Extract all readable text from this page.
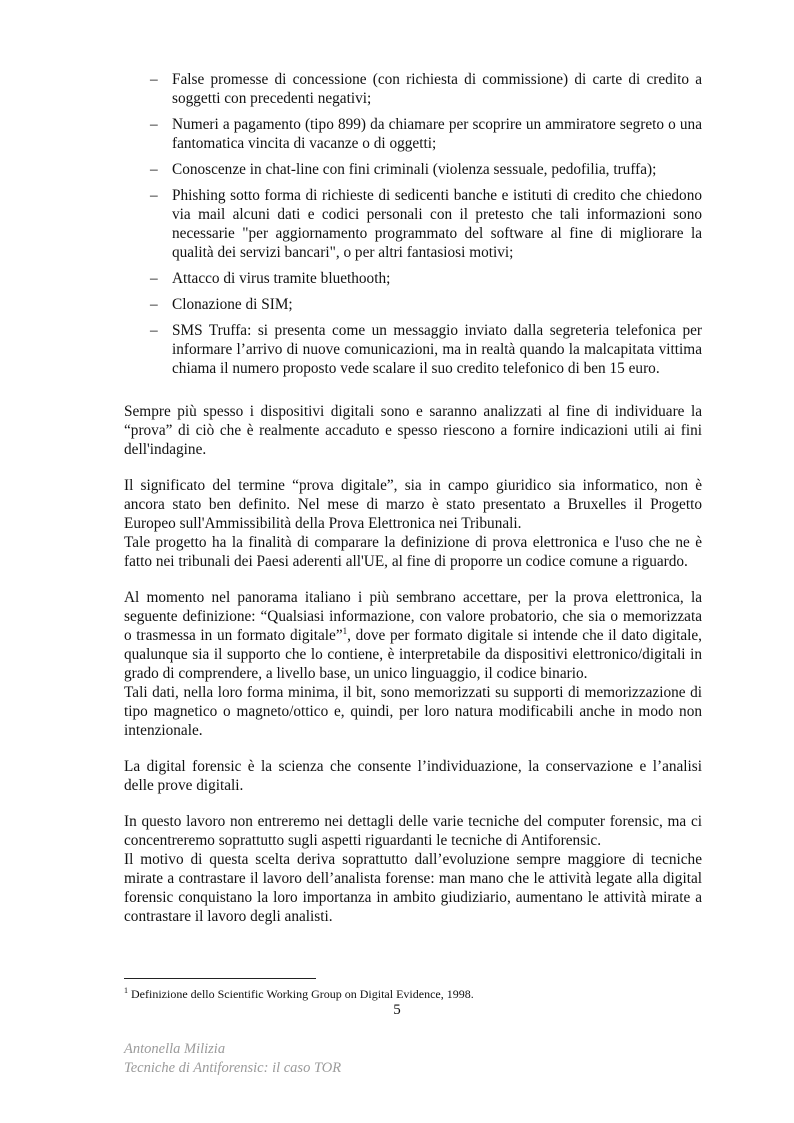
– False promesse di concessione (con richiesta di commissione) di carte di credito a soggetti con precedenti negativi;
– Numeri a pagamento (tipo 899) da chiamare per scoprire un ammiratore segreto o una fantomatica vincita di vacanze o di oggetti;
– Conoscenze in chat-line con fini criminali (violenza sessuale, pedofilia, truffa);
– Phishing sotto forma di richieste di sedicenti banche e istituti di credito che chiedono via mail alcuni dati e codici personali con il pretesto che tali informazioni sono necessarie "per aggiornamento programmato del software al fine di migliorare la qualità dei servizi bancari", o per altri fantasiosi motivi;
– Attacco di virus tramite bluethooth;
– Clonazione di SIM;
– SMS Truffa: si presenta come un messaggio inviato dalla segreteria telefonica per informare l’arrivo di nuove comunicazioni, ma in realtà quando la malcapitata vittima chiama il numero proposto vede scalare il suo credito telefonico di ben 15 euro.

Sempre più spesso i dispositivi digitali sono e saranno analizzati al fine di individuare la “prova” di ciò che è realmente accaduto e spesso riescono a fornire indicazioni utili ai fini dell'indagine.

Il significato del termine “prova digitale”, sia in campo giuridico sia informatico, non è ancora stato ben definito. Nel mese di marzo è stato presentato a Bruxelles il Progetto Europeo sull'Ammissibilità della Prova Elettronica nei Tribunali.

Tale progetto ha la finalità di comparare la definizione di prova elettronica e l'uso che ne è fatto nei tribunali dei Paesi aderenti all'UE, al fine di proporre un codice comune a riguardo.

Al momento nel panorama italiano i più sembrano accettare, per la prova elettronica, la seguente definizione: “Qualsiasi informazione, con valore probatorio, che sia o memorizzata o trasmessa in un formato digitale”$^1$, dove per formato digitale si intende che il dato digitale, qualunque sia il supporto che lo contiene, è interpretabile da dispositivi elettronico/digitali in grado di comprendere, a livello base, un unico linguaggio, il codice binario.

Tali dati, nella loro forma minima, il bit, sono memorizzati su supporti di memorizzazione di tipo magnetico o magneto/ottico e, quindi, per loro natura modificabili anche in modo non intenzionale.

La digital forensic è la scienza che consente l’individuazione, la conservazione e l’analisi delle prove digitali.

In questo lavoro non entreremo nei dettagli delle varie tecniche del computer forensic, ma ci concentreremo soprattutto sugli aspetti riguardanti le tecniche di Antiforensic.

Il motivo di questa scelta deriva soprattutto dall’evoluzione sempre maggiore di tecniche mirate a contrastare il lavoro dell’analista forense: man mano che le attività legate alla digital forensic conquistano la loro importanza in ambito giudiziario, aumentano le attività mirate a contrastare il lavoro degli analisti.

$^1$ Definizione dello Scientific Working Group on Digital Evidence, 1998.
5
Antonella Milizia
Tecniche di Antiforensic: il caso TOR
